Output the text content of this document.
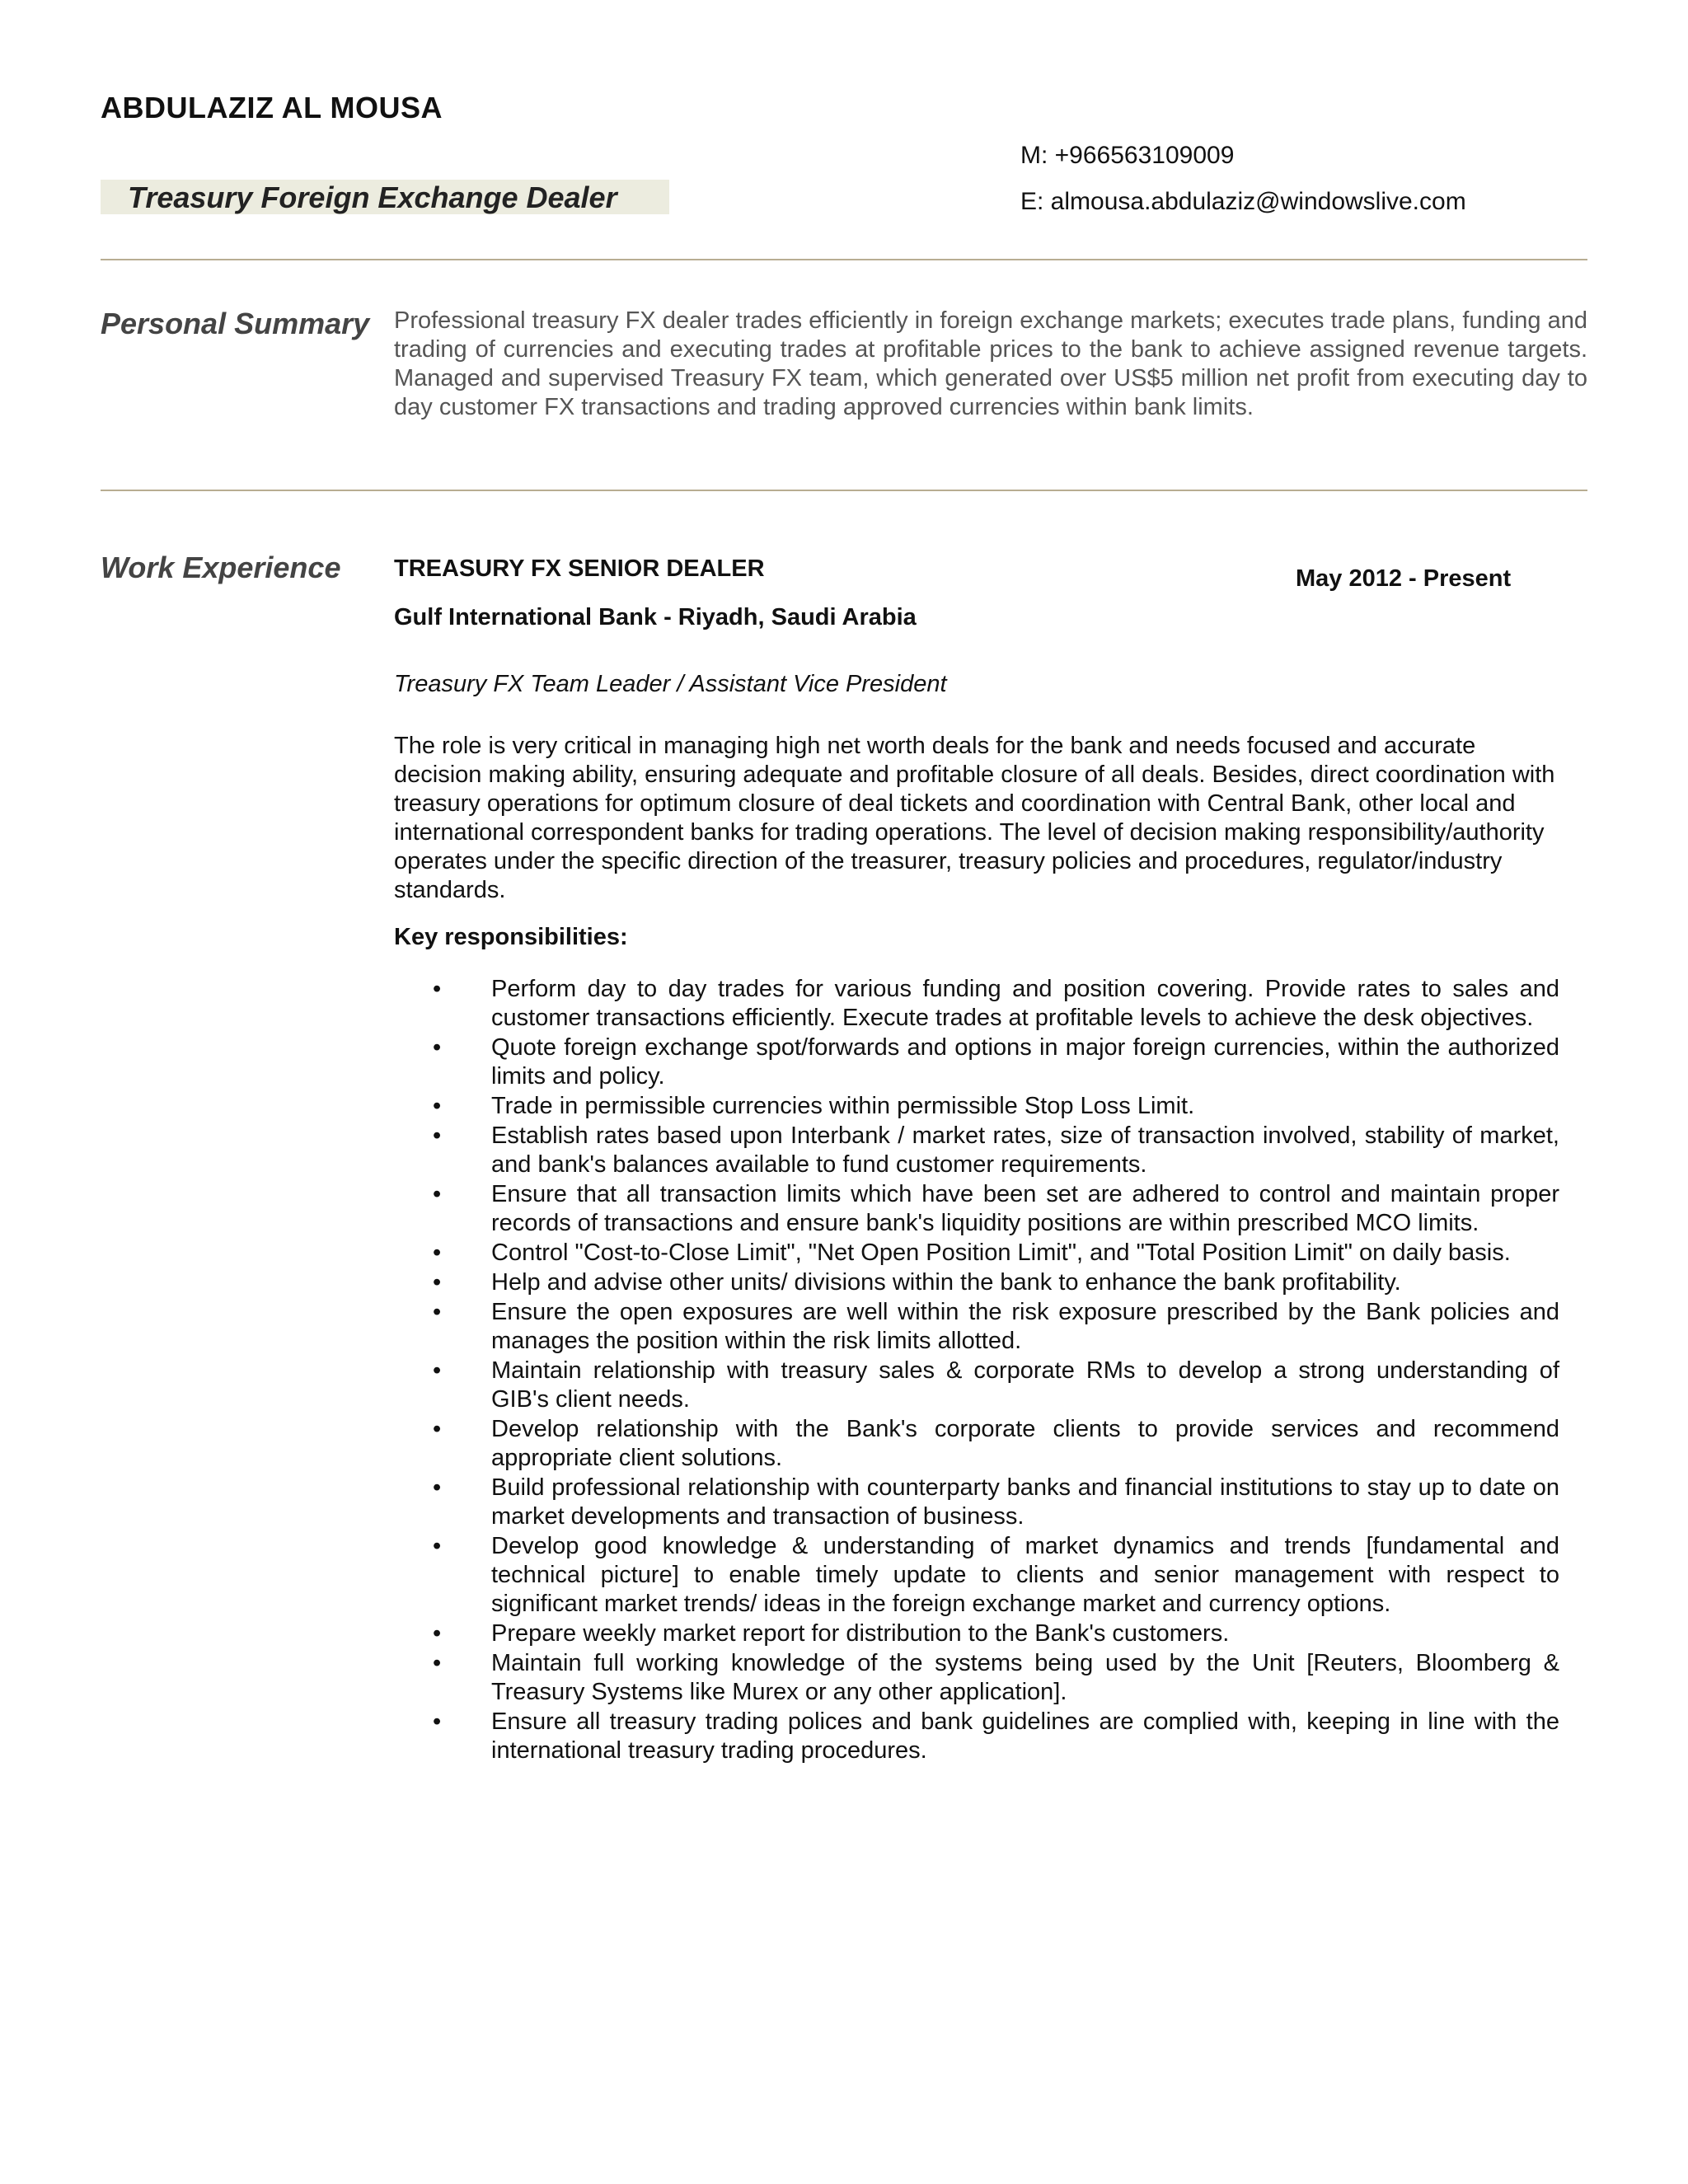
ABDULAZIZ AL MOUSA
M: +966563109009
E: almousa.abdulaziz@windowslive.com
Treasury Foreign Exchange Dealer
Personal Summary Professional treasury FX dealer trades efficiently in foreign exchange markets; executes trade plans, funding and trading of currencies and executing trades at profitable prices to the bank to achieve assigned revenue targets. Managed and supervised Treasury FX team, which generated over US$5 million net profit from executing day to day customer FX transactions and trading approved currencies within bank limits.
Work Experience TREASURY FX SENIOR DEALER	May 2012 - Present
Gulf International Bank - Riyadh, Saudi Arabia
Treasury FX Team Leader / Assistant Vice President
The role is very critical in managing high net worth deals for the bank and needs focused and accurate decision making ability, ensuring adequate and profitable closure of all deals. Besides, direct coordination with treasury operations for optimum closure of deal tickets and coordination with Central Bank, other local and international correspondent banks for trading operations. The level of decision making responsibility/authority operates under the specific direction of the treasurer, treasury policies and procedures, regulator/industry standards.
Key responsibilities:
• Perform day to day trades for various funding and position covering. Provide rates to sales and customer transactions efficiently. Execute trades at profitable levels to achieve the desk objectives.
• Quote foreign exchange spot/forwards and options in major foreign currencies, within the authorized limits and policy.
• Trade in permissible currencies within permissible Stop Loss Limit.
• Establish rates based upon Interbank / market rates, size of transaction involved, stability of market, and bank's balances available to fund customer requirements.
• Ensure that all transaction limits which have been set are adhered to control and maintain proper records of transactions and ensure bank's liquidity positions are within prescribed MCO limits.
• Control "Cost-to-Close Limit", "Net Open Position Limit", and "Total Position Limit" on daily basis.
• Help and advise other units/ divisions within the bank to enhance the bank profitability.
• Ensure the open exposures are well within the risk exposure prescribed by the Bank policies and manages the position within the risk limits allotted.
• Maintain relationship with treasury sales & corporate RMs to develop a strong understanding of GIB's client needs.
• Develop relationship with the Bank's corporate clients to provide services and recommend appropriate client solutions.
• Build professional relationship with counterparty banks and financial institutions to stay up to date on market developments and transaction of business.
• Develop good knowledge & understanding of market dynamics and trends [fundamental and technical picture] to enable timely update to clients and senior management with respect to significant market trends/ ideas in the foreign exchange market and currency options.
• Prepare weekly market report for distribution to the Bank's customers.
• Maintain full working knowledge of the systems being used by the Unit [Reuters, Bloomberg & Treasury Systems like Murex or any other application].
• Ensure all treasury trading polices and bank guidelines are complied with, keeping in line with the international treasury trading procedures.
